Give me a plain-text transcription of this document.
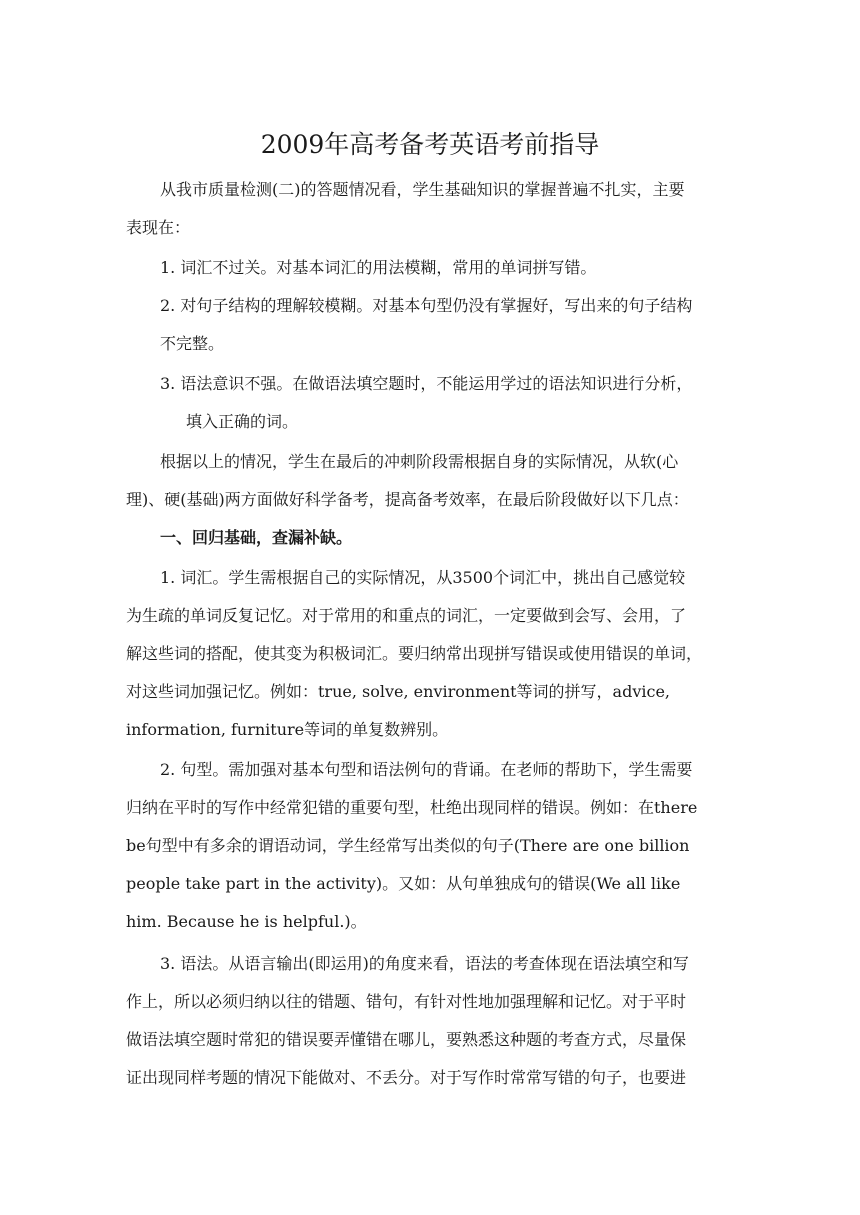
2009年高考备考英语考前指导
从我市质量检测(二)的答题情况看，学生基础知识的掌握普遍不扎实，主要
表现在：
1. 词汇不过关。对基本词汇的用法模糊，常用的单词拼写错。
2. 对句子结构的理解较模糊。对基本句型仍没有掌握好，写出来的句子结构
不完整。
3. 语法意识不强。在做语法填空题时，不能运用学过的语法知识进行分析，
填入正确的词。
根据以上的情况，学生在最后的冲刺阶段需根据自身的实际情况，从软(心
理)、硬(基础)两方面做好科学备考，提高备考效率，在最后阶段做好以下几点：
一、回归基础，查漏补缺。
1. 词汇。学生需根据自己的实际情况，从3500个词汇中，挑出自己感觉较
为生疏的单词反复记忆。对于常用的和重点的词汇，一定要做到会写、会用，了
解这些词的搭配，使其变为积极词汇。要归纳常出现拼写错误或使用错误的单词，
对这些词加强记忆。例如：true, solve, environment等词的拼写，advice,
information, furniture等词的单复数辨别。
2. 句型。需加强对基本句型和语法例句的背诵。在老师的帮助下，学生需要
归纳在平时的写作中经常犯错的重要句型，杜绝出现同样的错误。例如：在there
be句型中有多余的谓语动词，学生经常写出类似的句子(There are one billion
people take part in the activity)。又如：从句单独成句的错误(We all like
him. Because he is helpful.)。
3. 语法。从语言输出(即运用)的角度来看，语法的考查体现在语法填空和写
作上，所以必须归纳以往的错题、错句，有针对性地加强理解和记忆。对于平时
做语法填空题时常犯的错误要弄懂错在哪儿，要熟悉这种题的考查方式，尽量保
证出现同样考题的情况下能做对、不丢分。对于写作时常常写错的句子，也要进
